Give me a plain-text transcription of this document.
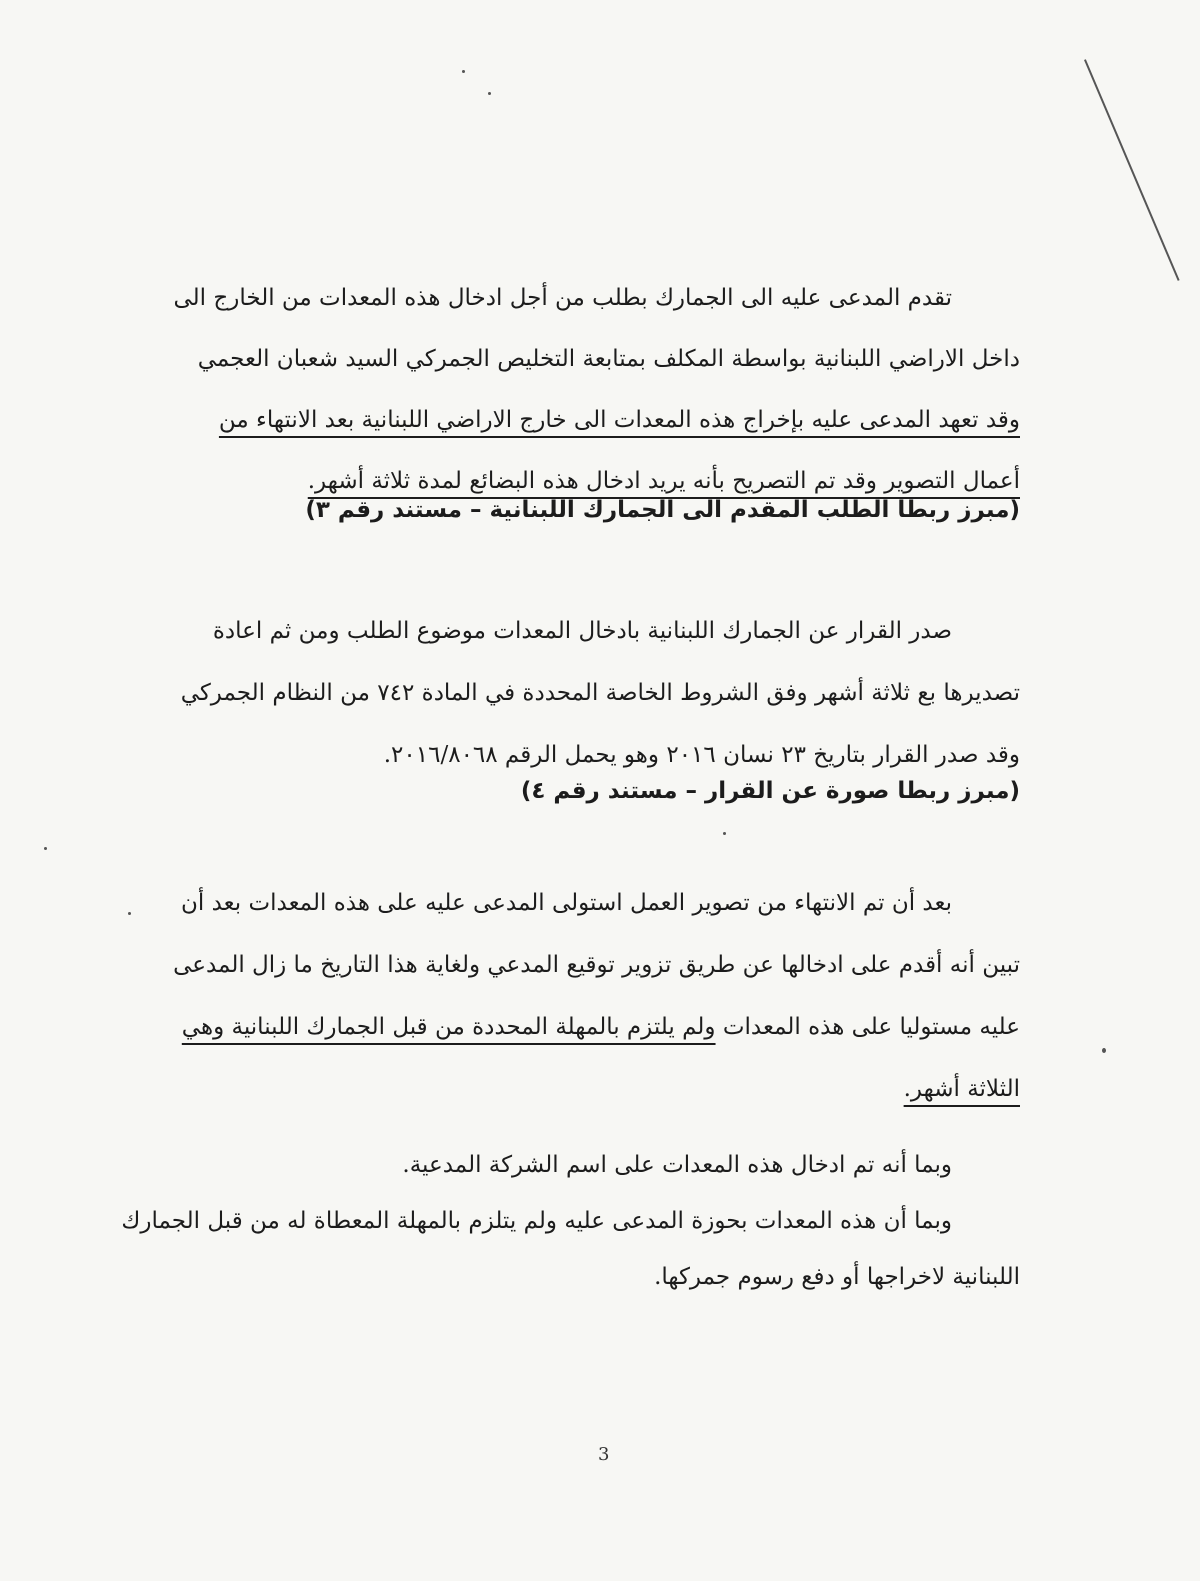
تقدم المدعى عليه الى الجمارك بطلب من أجل ادخال هذه المعدات من الخارج الى
داخل الاراضي اللبنانية بواسطة المكلف بمتابعة التخليص الجمركي السيد شعبان العجمي
وقد تعهد المدعى عليه بإخراج هذه المعدات الى خارج الاراضي اللبنانية بعد الانتهاء من
أعمال التصوير وقد تم التصريح بأنه يريد ادخال هذه البضائع لمدة ثلاثة أشهر.
(مبرز ربطا الطلب المقدم الى الجمارك اللبنانية – مستند رقم ٣)
صدر القرار عن الجمارك اللبنانية بادخال المعدات موضوع الطلب ومن ثم اعادة
تصديرها بع ثلاثة أشهر وفق الشروط الخاصة المحددة في المادة ٧٤٢ من النظام الجمركي
وقد صدر القرار بتاريخ ٢٣ نسان ٢٠١٦ وهو يحمل الرقم ٢٠١٦/٨٠٦٨.
(مبرز ربطا صورة عن القرار – مستند رقم ٤)
بعد أن تم الانتهاء من تصوير العمل استولى المدعى عليه على هذه المعدات بعد أن
تبين أنه أقدم على ادخالها عن طريق تزوير توقيع المدعي ولغاية هذا التاريخ ما زال المدعى
عليه مستوليا على هذه المعدات ولم يلتزم بالمهلة المحددة من قبل الجمارك اللبنانية وهي
الثلاثة أشهر.
وبما أنه تم ادخال هذه المعدات على اسم الشركة المدعية.
وبما أن هذه المعدات بحوزة المدعى عليه ولم يتلزم بالمهلة المعطاة له من قبل الجمارك
اللبنانية لاخراجها أو دفع رسوم جمركها.
3
